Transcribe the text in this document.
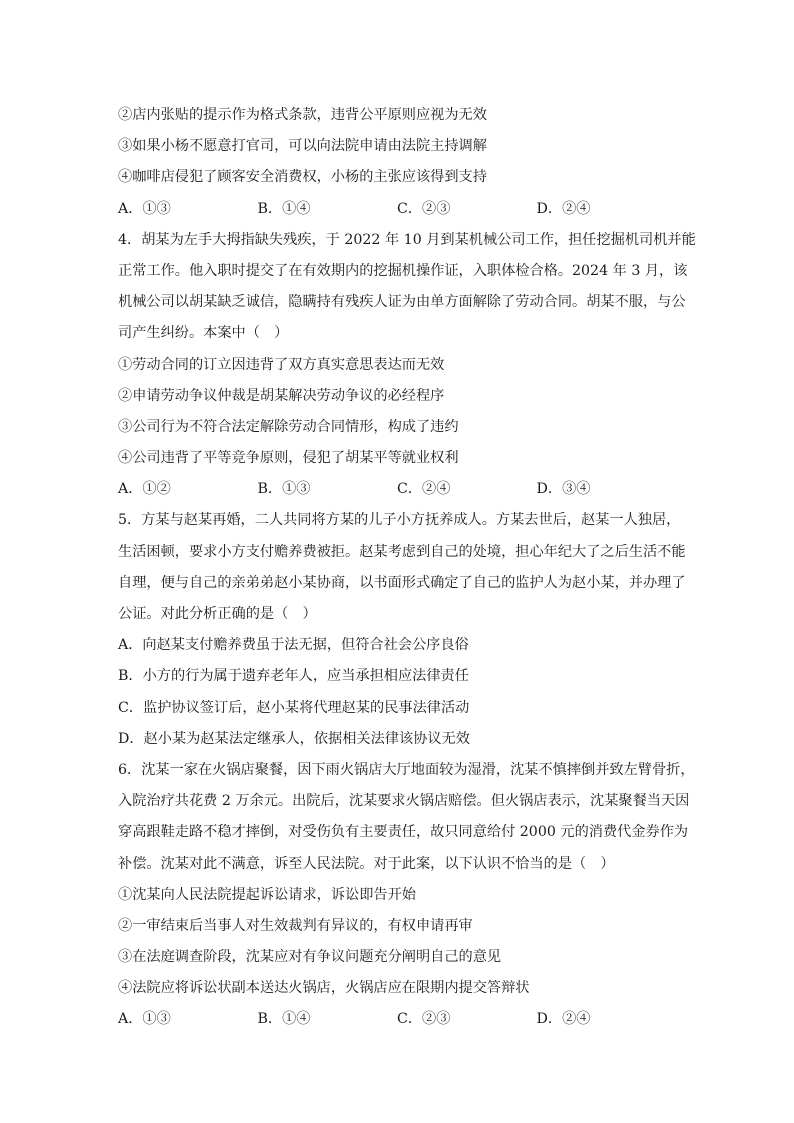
②店内张贴的提示作为格式条款，违背公平原则应视为无效
③如果小杨不愿意打官司，可以向法院申请由法院主持调解
④咖啡店侵犯了顾客安全消费权，小杨的主张应该得到支持
A．①③	B．①④	C．②③	D．②④
4．胡某为左手大拇指缺失残疾，于 2022 年 10 月到某机械公司工作，担任挖掘机司机并能
正常工作。他入职时提交了在有效期内的挖掘机操作证，入职体检合格。2024 年 3 月，该
机械公司以胡某缺乏诚信，隐瞒持有残疾人证为由单方面解除了劳动合同。胡某不服，与公
司产生纠纷。本案中（　）
①劳动合同的订立因违背了双方真实意思表达而无效
②申请劳动争议仲裁是胡某解决劳动争议的必经程序
③公司行为不符合法定解除劳动合同情形，构成了违约
④公司违背了平等竞争原则，侵犯了胡某平等就业权利
A．①②	B．①③	C．②④	D．③④
5．方某与赵某再婚，二人共同将方某的儿子小方抚养成人。方某去世后，赵某一人独居，
生活困顿，要求小方支付赡养费被拒。赵某考虑到自己的处境，担心年纪大了之后生活不能
自理，便与自己的亲弟弟赵小某协商，以书面形式确定了自己的监护人为赵小某，并办理了
公证。对此分析正确的是（　）
A．向赵某支付赡养费虽于法无据，但符合社会公序良俗
B．小方的行为属于遗弃老年人，应当承担相应法律责任
C．监护协议签订后，赵小某将代理赵某的民事法律活动
D．赵小某为赵某法定继承人，依据相关法律该协议无效
6．沈某一家在火锅店聚餐，因下雨火锅店大厅地面较为湿滑，沈某不慎摔倒并致左臂骨折，
入院治疗共花费 2 万余元。出院后，沈某要求火锅店赔偿。但火锅店表示，沈某聚餐当天因
穿高跟鞋走路不稳才摔倒，对受伤负有主要责任，故只同意给付 2000 元的消费代金券作为
补偿。沈某对此不满意，诉至人民法院。对于此案，以下认识不恰当的是（　）
①沈某向人民法院提起诉讼请求，诉讼即告开始
②一审结束后当事人对生效裁判有异议的，有权申请再审
③在法庭调查阶段，沈某应对有争议问题充分阐明自己的意见
④法院应将诉讼状副本送达火锅店，火锅店应在限期内提交答辩状
A．①③	B．①④	C．②③	D．②④
